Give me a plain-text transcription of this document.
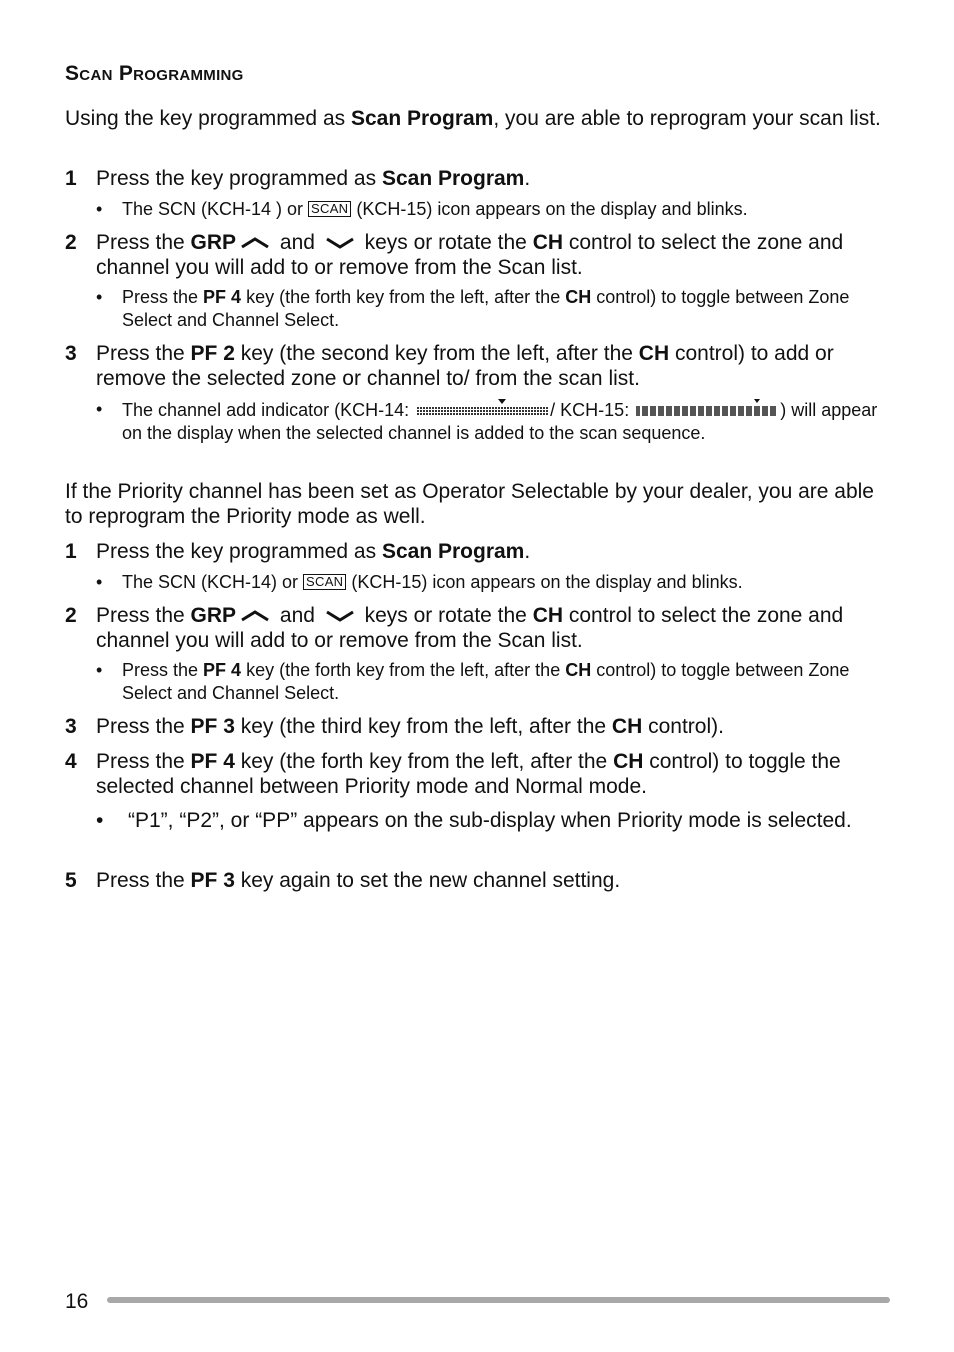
Scan Programming
Using the key programmed as Scan Program, you are able to reprogram your scan list.
1 Press the key programmed as Scan Program.
• The SCN (KCH-14 ) or SCAN (KCH-15) icon appears on the display and blinks.
2 Press the GRP and  keys or rotate the CH control to select the zone and channel you will add to or remove from the Scan list.
• Press the PF 4 key (the forth key from the left, after the CH control) to toggle between Zone Select and Channel Select.
3 Press the PF 2 key (the second key from the left, after the CH control) to add or remove the selected zone or channel to/ from the scan list.
• The channel add indicator (KCH-14:	/ KCH-15:	) will appear on the display when the selected channel is added to the scan sequence.
If the Priority channel has been set as Operator Selectable by your dealer, you are able to reprogram the Priority mode as well.
1 Press the key programmed as Scan Program.
• The SCN (KCH-14) or SCAN (KCH-15) icon appears on the display and blinks.
2 Press the GRP and  keys or rotate the CH control to select the zone and channel you will add to or remove from the Scan list.
• Press the PF 4 key (the forth key from the left, after the CH control) to toggle between Zone Select and Channel Select.
3 Press the PF 3 key (the third key from the left, after the CH control).
4 Press the PF 4 key (the forth key from the left, after the CH control) to toggle the selected channel between Priority mode and Normal mode.
• “P1”, “P2”, or “PP” appears on the sub-display when Priority mode is selected.
5 Press the PF 3 key again to set the new channel setting.
16
